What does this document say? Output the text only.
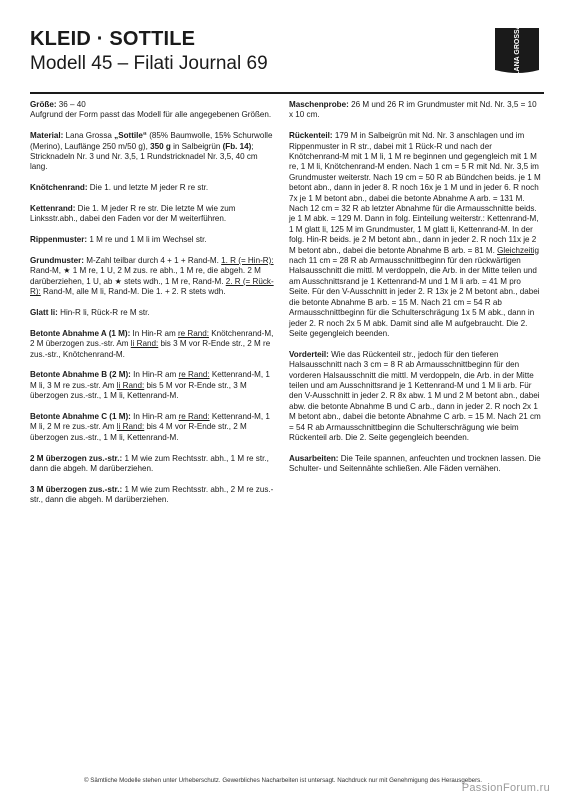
KLEID · SOTTILE
Modell 45 – Filati Journal 69	LANA GROSSA

Größe: 36 – 40
Aufgrund der Form passt das Modell für alle angegebenen Größen.

Material: Lana Grossa „Sottile“ (85% Baumwolle, 15% Schurwolle (Merino), Lauflänge 250 m/50 g), 350 g in Salbeigrün (Fb. 14); Stricknadeln Nr. 3 und Nr. 3,5, 1 Rundstricknadel Nr. 3,5, 40 cm lang.

Knötchenrand: Die 1. und letzte M jeder R re str.

Kettenrand: Die 1. M jeder R re str. Die letzte M wie zum Linksstr.abh., dabei den Faden vor der M weiterführen.

Rippenmuster: 1 M re und 1 M li im Wechsel str.

Grundmuster: M-Zahl teilbar durch 4 + 1 + Rand-M. 1. R (= Hin-R): Rand-M, ★ 1 M re, 1 U, 2 M zus. re abh., 1 M re, die abgeh. 2 M darüberziehen, 1 U, ab ★ stets wdh., 1 M re, Rand-M. 2. R (= Rück-R): Rand-M, alle M li, Rand-M. Die 1. + 2. R stets wdh.

Glatt li: Hin-R li, Rück-R re M str.

Betonte Abnahme A (1 M): In Hin-R am re Rand: Knötchenrand-M, 2 M überzogen zus.-str. Am li Rand: bis 3 M vor R-Ende str., 2 M re zus.-str., Knötchenrand-M.

Betonte Abnahme B (2 M): In Hin-R am re Rand: Kettenrand-M, 1 M li, 3 M re zus.-str. Am li Rand: bis 5 M vor R-Ende str., 3 M überzogen zus.-str., 1 M li, Kettenrand-M.

Betonte Abnahme C (1 M): In Hin-R am re Rand: Kettenrand-M, 1 M li, 2 M re zus.-str. Am li Rand: bis 4 M vor R-Ende str., 2 M überzogen zus.-str., 1 M li, Kettenrand-M.

2 M überzogen zus.-str.: 1 M wie zum Rechtsstr. abh., 1 M re str., dann die abgeh. M darüberziehen.

3 M überzogen zus.-str.: 1 M wie zum Rechtsstr. abh., 2 M re zus.-str., dann die abgeh. M darüberziehen.

Maschenprobe: 26 M und 26 R im Grundmuster mit Nd. Nr. 3,5 = 10 x 10 cm.

Rückenteil: 179 M in Salbeigrün mit Nd. Nr. 3 anschlagen und im Rippenmuster in R str., dabei mit 1 Rück-R und nach der Knötchenrand-M mit 1 M li, 1 M re beginnen und gegengleich mit 1 M re, 1 M li, Knötchenrand-M enden. Nach 1 cm = 5 R mit Nd. Nr. 3,5 im Grundmuster weiterstr. Nach 19 cm = 50 R ab Bündchen beids. je 1 M betont abn., dann in jeder 8. R noch 16x je 1 M und in jeder 6. R noch 7x je 1 M betont abn., dabei die betonte Abnahme A arb. = 131 M. Nach 12 cm = 32 R ab letzter Abnahme für die Armausschnitte beids. je 1 M abk. = 129 M. Dann in folg. Einteilung weiterstr.: Kettenrand-M, 1 M glatt li, 125 M im Grundmuster, 1 M glatt li, Kettenrand-M. In der folg. Hin-R beids. je 2 M betont abn., dann in jeder 2. R noch 11x je 2 M betont abn., dabei die betonte Abnahme B arb. = 81 M. Gleichzeitig nach 11 cm = 28 R ab Armausschnittbeginn für den rückwärtigen Halsausschnitt die mittl. M verdoppeln, die Arb. in der Mitte teilen und am Ausschnittsrand je 1 Kettenrand-M und 1 M li arb. = 41 M pro Seite. Für den V-Ausschnitt in jeder 2. R 13x je 2 M betont abn., dabei die betonte Abnahme B arb. = 15 M. Nach 21 cm = 54 R ab Armausschnittbeginn für die Schulterschrägung 1x 5 M abk., dann in jeder 2. R noch 2x 5 M abk. Damit sind alle M aufgebraucht. Die 2. Seite gegengleich beenden.

Vorderteil: Wie das Rückenteil str., jedoch für den tieferen Halsausschnitt nach 3 cm = 8 R ab Armausschnittbeginn für den vorderen Halsausschnitt die mittl. M verdoppeln, die Arb. in der Mitte teilen und am Ausschnittsrand je 1 Kettenrand-M und 1 M li arb. Für den V-Ausschnitt in jeder 2. R 8x abw. 1 M und 2 M betont abn., dabei abw. die betonte Abnahme B und C arb., dann in jeder 2. R noch 2x 1 M betont abn., dabei die betonte Abnahme C arb. = 15 M. Nach 21 cm = 54 R ab Armausschnittbeginn die Schulterschrägung wie beim Rückenteil arb. Die 2. Seite gegengleich beenden.

Ausarbeiten: Die Teile spannen, anfeuchten und trocknen lassen. Die Schulter- und Seitennähte schließen. Alle Fäden vernähen.

© Sämtliche Modelle stehen unter Urheberschutz. Gewerbliches Nacharbeiten ist untersagt. Nachdruck nur mit Genehmigung des Herausgebers.
PassionForum.ru
